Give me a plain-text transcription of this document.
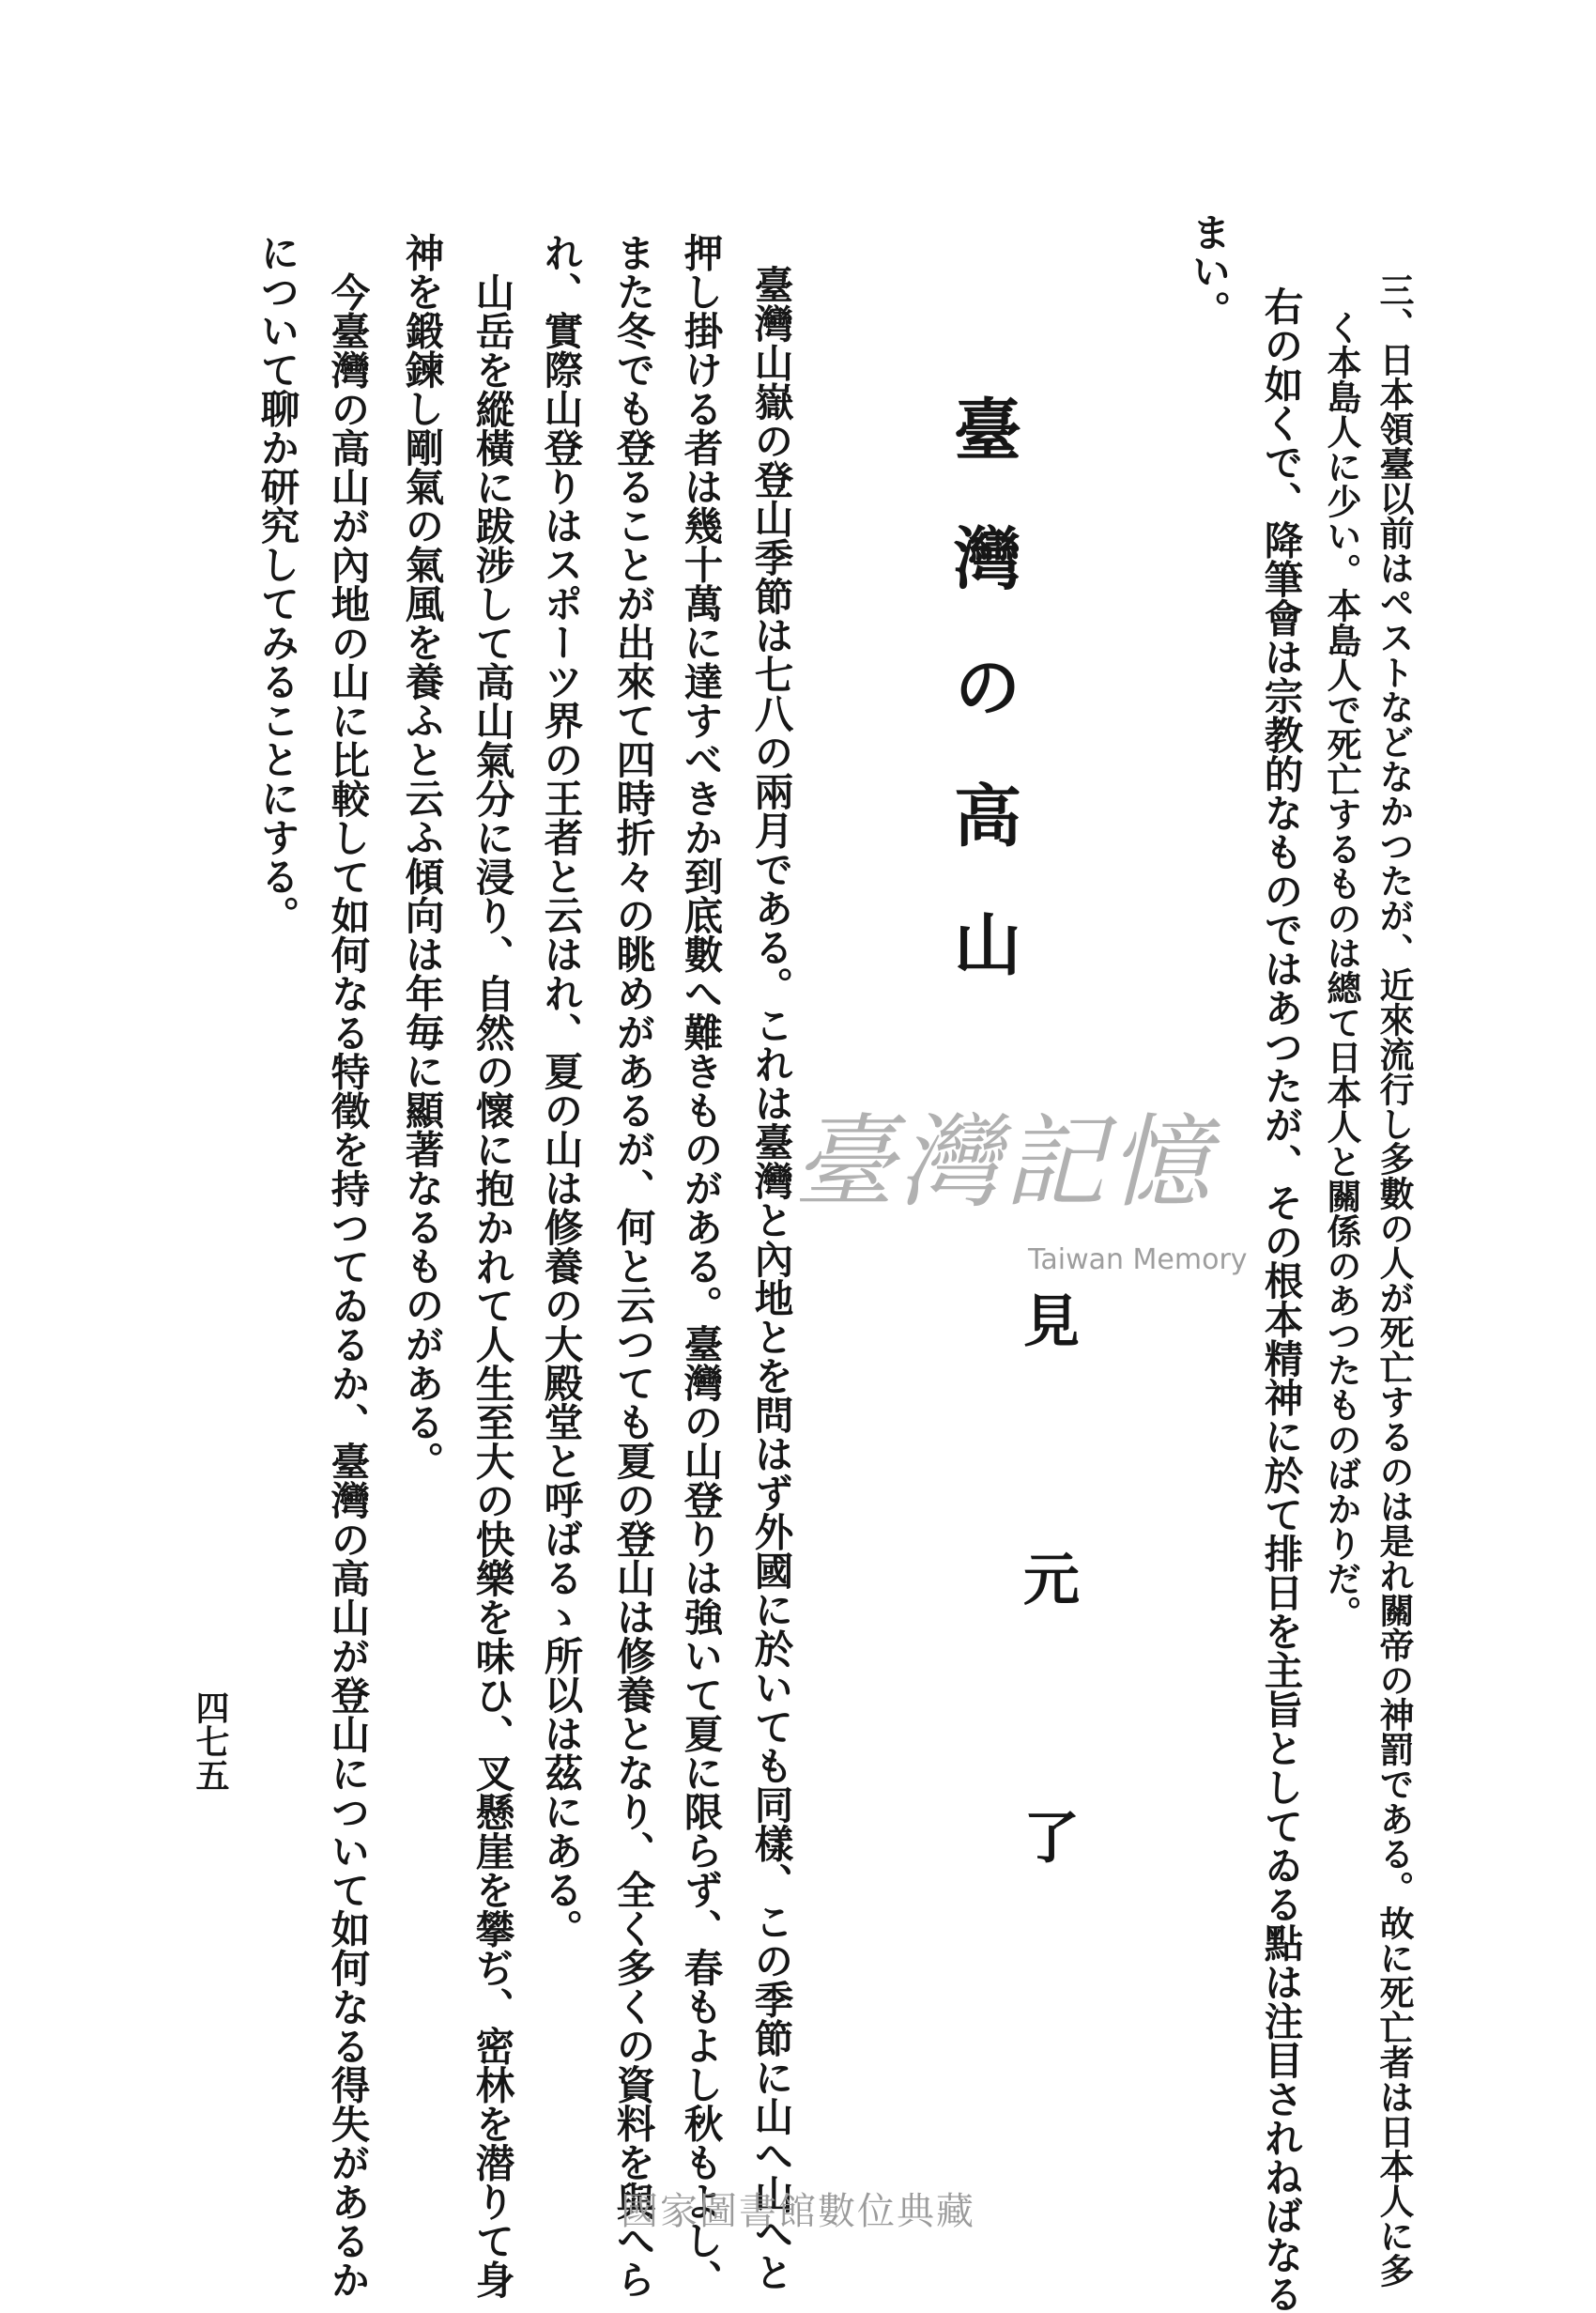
三、日本領臺以前はペストなどなかつたが、近來流行し多數の人が死亡するのは是れ關帝の神罰である。故に死亡者は日本人に多
く本島人に少い。本島人で死亡するものは總て日本人と關係のあつたものばかりだ。
右の如くで、降筆會は宗教的なものではあつたが、その根本精神に於て排日を主旨としてゐる點は注目されねばなる
まい。
臺
灣
の
高
山
見
元
了
臺灣山嶽の登山季節は七八の兩月である。これは臺灣と內地とを問はず外國に於いても同樣、この季節に山へ山へと
押し掛ける者は幾十萬に達すべきか到底數へ難きものがある。臺灣の山登りは強いて夏に限らず、春もよし秋もよし、
また冬でも登ることが出來て四時折々の眺めがあるが、何と云つても夏の登山は修養となり、全く多くの資料を與へら
れ、實際山登りはスポーツ界の王者と云はれ、夏の山は修養の大殿堂と呼ばるゝ所以は茲にある。
山岳を縱橫に跋涉して高山氣分に浸り、自然の懷に抱かれて人生至大の快樂を味ひ、叉懸崖を攀ぢ、密林を潜りて身
神を鍛鍊し剛氣の氣風を養ふと云ふ傾向は年毎に顯著なるものがある。
今臺灣の高山が內地の山に比較して如何なる特徵を持つてゐるか、臺灣の高山が登山について如何なる得失があるか
について聊か研究してみることにする。
四七五
臺灣記憶
Taiwan Memory
國家圖書館數位典藏
